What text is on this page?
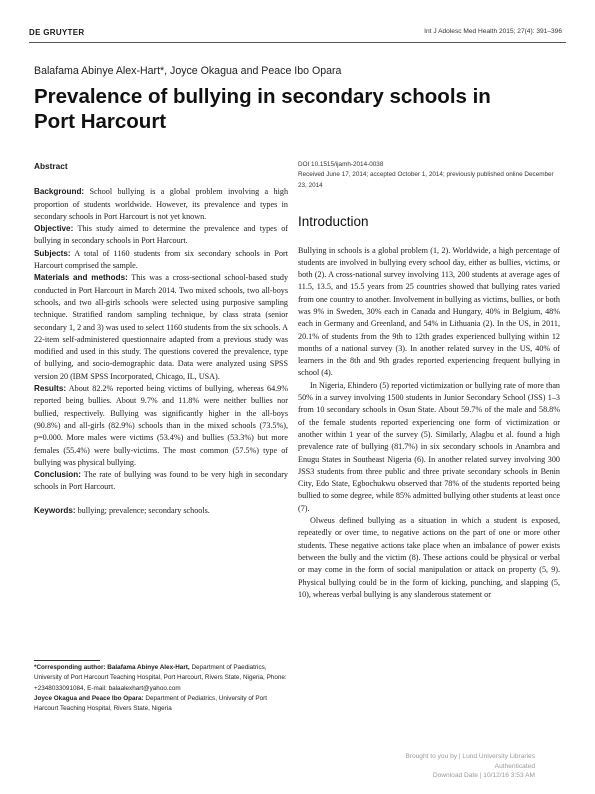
DE GRUYTER	Int J Adolesc Med Health 2015; 27(4): 391–396
Balafama Abinye Alex-Hart*, Joyce Okagua and Peace Ibo Opara
Prevalence of bullying in secondary schools in Port Harcourt
Abstract

Background: School bullying is a global problem involving a high proportion of students worldwide. However, its prevalence and types in secondary schools in Port Harcourt is not yet known.

Objective: This study aimed to determine the prevalence and types of bullying in secondary schools in Port Harcourt.

Subjects: A total of 1160 students from six secondary schools in Port Harcourt comprised the sample.

Materials and methods: This was a cross-sectional school-based study conducted in Port Harcourt in March 2014. Two mixed schools, two all-boys schools, and two all-girls schools were selected using purposive sampling technique. Stratified random sampling technique, by class strata (senior secondary 1, 2 and 3) was used to select 1160 students from the six schools. A 22-item self-administered questionnaire adapted from a previous study was modified and used in this study. The questions covered the prevalence, type of bullying, and socio-demographic data. Data were analyzed using SPSS version 20 (IBM SPSS Incorporated, Chicago, IL, USA).

Results: About 82.2% reported being victims of bullying, whereas 64.9% reported being bullies. About 9.7% and 11.8% were neither bullies nor bullied, respectively. Bullying was significantly higher in the all-boys (90.8%) and all-girls (82.9%) schools than in the mixed schools (73.5%), p=0.000. More males were victims (53.4%) and bullies (53.3%) but more females (55.4%) were bully-victims. The most common (57.5%) type of bullying was physical bullying.

Conclusion: The rate of bullying was found to be very high in secondary schools in Port Harcourt.

Keywords: bullying; prevalence; secondary schools.

*Corresponding author: Balafama Abinye Alex-Hart, Department of Paediatrics, University of Port Harcourt Teaching Hospital, Port Harcourt, Rivers State, Nigeria, Phone: +2348033091084, E-mail: balaalexhart@yahoo.com
Joyce Okagua and Peace Ibo Opara: Department of Pediatrics, University of Port Harcourt Teaching Hospital, Rivers State, Nigeria
DOI 10.1515/ijamh-2014-0038
Received June 17, 2014; accepted October 1, 2014; previously published online December 23, 2014
Introduction

Bullying in schools is a global problem (1, 2). Worldwide, a high percentage of students are involved in bullying every school day, either as bullies, victims, or both (2). A cross-national survey involving 113, 200 students at average ages of 11.5, 13.5, and 15.5 years from 25 countries showed that bullying rates varied from one country to another. Involvement in bullying as victims, bullies, or both was 9% in Sweden, 30% each in Canada and Hungary, 40% in Belgium, 48% each in Germany and Greenland, and 54% in Lithuania (2). In the US, in 2011, 20.1% of students from the 9th to 12th grades experienced bullying within 12 months of a national survey (3). In another related survey in the US, 40% of learners in the 8th and 9th grades reported experiencing frequent bullying in school (4).

In Nigeria, Ehindero (5) reported victimization or bullying rate of more than 50% in a survey involving 1500 students in Junior Secondary School (JSS) 1–3 from 10 secondary schools in Osun State. About 59.7% of the male and 58.8% of the female students reported experiencing one form of victimization or another within 1 year of the survey (5). Similarly, Alagbu et al. found a high prevalence rate of bullying (81.7%) in six secondary schools in Anambra and Enugu States in Southeast Nigeria (6). In another related survey involving 300 JSS3 students from three public and three private secondary schools in Benin City, Edo State, Egbochukwu observed that 78% of the students reported being bullied to some degree, while 85% admitted bullying other students at least once (7).

Olweus defined bullying as a situation in which a student is exposed, repeatedly or over time, to negative actions on the part of one or more other students. These negative actions take place when an imbalance of power exists between the bully and the victim (8). These actions could be physical or verbal or may come in the form of social manipulation or attack on property (5, 9). Physical bullying could be in the form of kicking, punching, and slapping (5, 10), whereas verbal bullying is any slanderous statement or

Brought to you by | Lund University Libraries
Authenticated
Download Date | 10/12/16 3:53 AM
